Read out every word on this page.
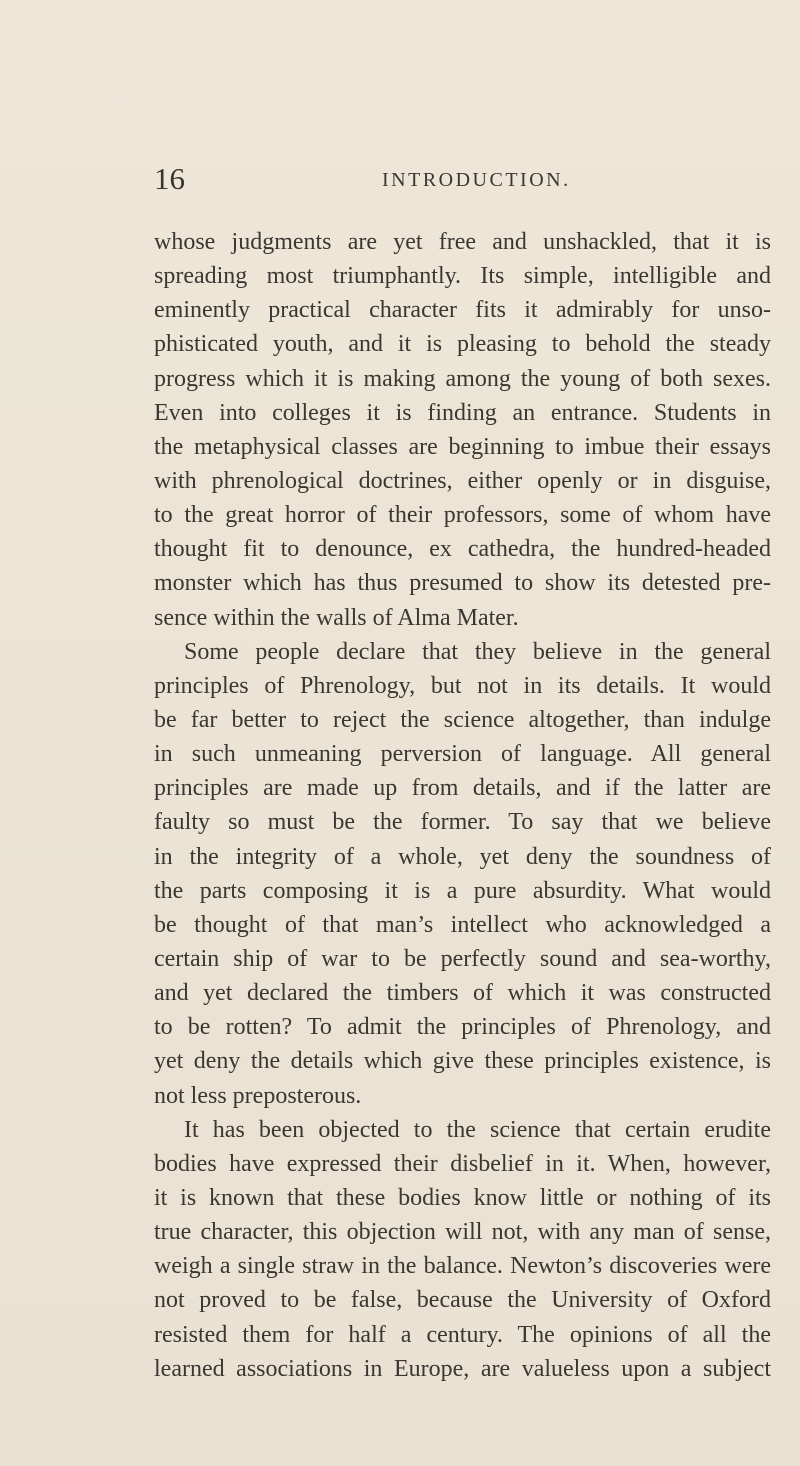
16	INTRODUCTION.
whose judgments are yet free and unshackled, that it is
spreading most triumphantly. Its simple, intelligible and
eminently practical character fits it admirably for unso-
phisticated youth, and it is pleasing to behold the steady
progress which it is making among the young of both sexes.
Even into colleges it is finding an entrance. Students in
the metaphysical classes are beginning to imbue their essays
with phrenological doctrines, either openly or in disguise,
to the great horror of their professors, some of whom have
thought fit to denounce, ex cathedra, the hundred-headed
monster which has thus presumed to show its detested pre-
sence within the walls of Alma Mater.
Some people declare that they believe in the general
principles of Phrenology, but not in its details. It would
be far better to reject the science altogether, than indulge
in such unmeaning perversion of language. All general
principles are made up from details, and if the latter are
faulty so must be the former. To say that we believe
in the integrity of a whole, yet deny the soundness of
the parts composing it is a pure absurdity. What would
be thought of that man’s intellect who acknowledged a
certain ship of war to be perfectly sound and sea-worthy,
and yet declared the timbers of which it was constructed
to be rotten? To admit the principles of Phrenology, and
yet deny the details which give these principles existence, is
not less preposterous.
It has been objected to the science that certain erudite
bodies have expressed their disbelief in it. When, however,
it is known that these bodies know little or nothing of its
true character, this objection will not, with any man of sense,
weigh a single straw in the balance. Newton’s discoveries were
not proved to be false, because the University of Oxford
resisted them for half a century. The opinions of all the
learned associations in Europe, are valueless upon a subject
